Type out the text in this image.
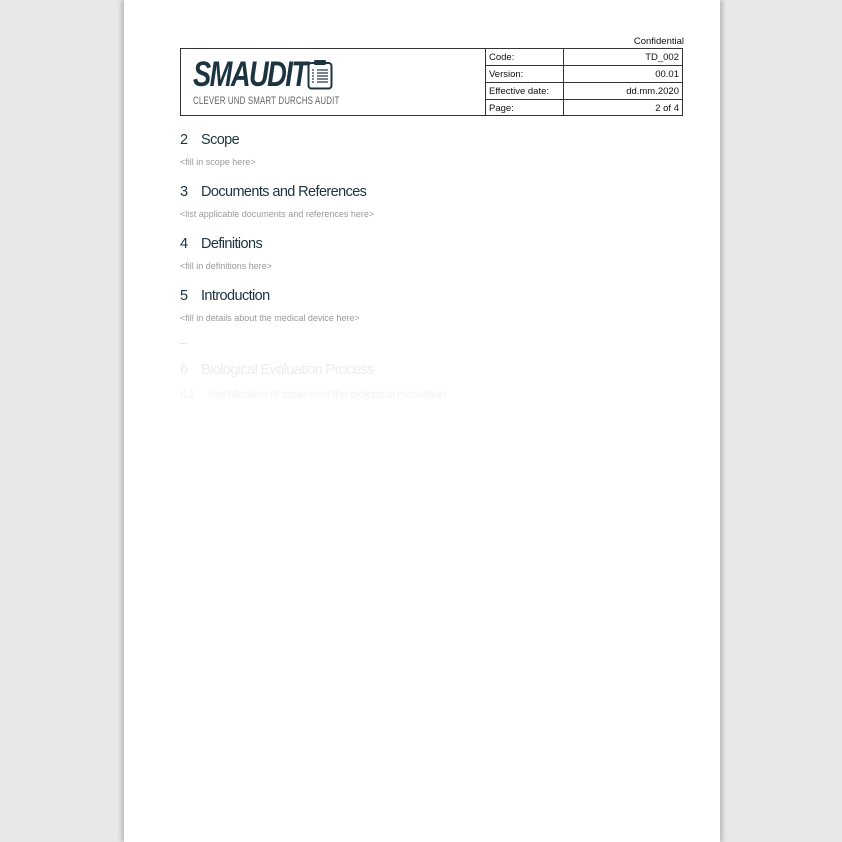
Confidential
SMAUDIT
CLEVER UND SMART DURCHS AUDIT
Code:	TD_002
Version:	00.01
Effective date:	dd.mm.2020
Page:	2 of 4
2 Scope
<fill in scope here>
3 Documents and References
<list applicable documents and references here>
4 Definitions
<fill in definitions here>
5 Introduction
<fill in details about the medical device here>
...
6 Biological Evaluation Process
6.1 Identification of aspects of the biological evaluation
